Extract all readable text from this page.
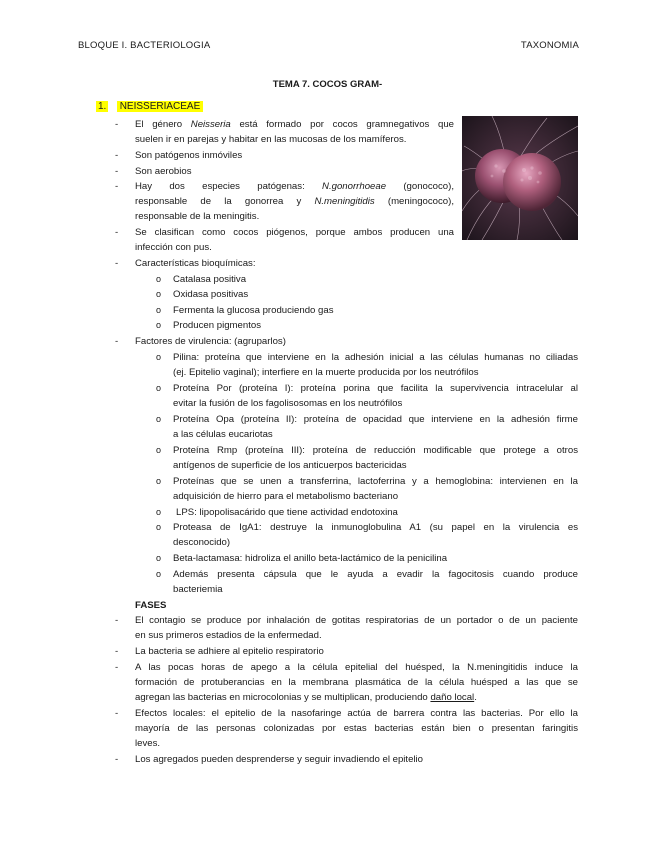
BLOQUE I. BACTERIOLOGIA	TAXONOMIA
TEMA 7. COCOS GRAM-
1. NEISSERIACEAE
- El género Neisseria está formado por cocos gramnegativos que
suelen ir en parejas y habitar en las mucosas de los mamíferos.
- Son patógenos inmóviles
- Son aerobios
- Hay dos especies patógenas: N.gonorrhoeae (gonococo),
responsable de la gonorrea y N.meningitidis (meningococo),
responsable de la meningitis.
- Se clasifican como cocos piógenos, porque ambos producen una
infección con pus.
- Características bioquímicas:
o Catalasa positiva
o Oxidasa positivas
o Fermenta la glucosa produciendo gas
o Producen pigmentos
- Factores de virulencia: (agruparlos)
o Pilina: proteína que interviene en la adhesión inicial a las células humanas no ciliadas
(ej. Epitelio vaginal); interfiere en la muerte producida por los neutrófilos
o Proteína Por (proteína I): proteína porina que facilita la supervivencia intracelular al
evitar la fusión de los fagolisosomas en los neutrófilos
o Proteína Opa (proteína II): proteína de opacidad que interviene en la adhesión firme
a las células eucariotas
o Proteína Rmp (proteína III): proteína de reducción modificable que protege a otros
antígenos de superficie de los anticuerpos bactericidas
o Proteínas que se unen a transferrina, lactoferrina y a hemoglobina: intervienen en la
adquisición de hierro para el metabolismo bacteriano
o LPS: lipopolisacárido que tiene actividad endotoxina
o Proteasa de IgA1: destruye la inmunoglobulina A1 (su papel en la virulencia es
desconocido)
o Beta-lactamasa: hidroliza el anillo beta-lactámico de la penicilina
o Además presenta cápsula que le ayuda a evadir la fagocitosis cuando produce
bacteriemia
FASES
- El contagio se produce por inhalación de gotitas respiratorias de un portador o de un paciente
en sus primeros estadios de la enfermedad.
- La bacteria se adhiere al epitelio respiratorio
- A las pocas horas de apego a la célula epitelial del huésped, la N.meningitidis induce la
formación de protuberancias en la membrana plasmática de la célula huésped a las que se
agregan las bacterias en microcolonias y se multiplican, produciendo daño local.
- Efectos locales: el epitelio de la nasofaringe actúa de barrera contra las bacterias. Por ello la
mayoría de las personas colonizadas por estas bacterias están bien o presentan faringitis
leves.
- Los agregados pueden desprenderse y seguir invadiendo el epitelio
